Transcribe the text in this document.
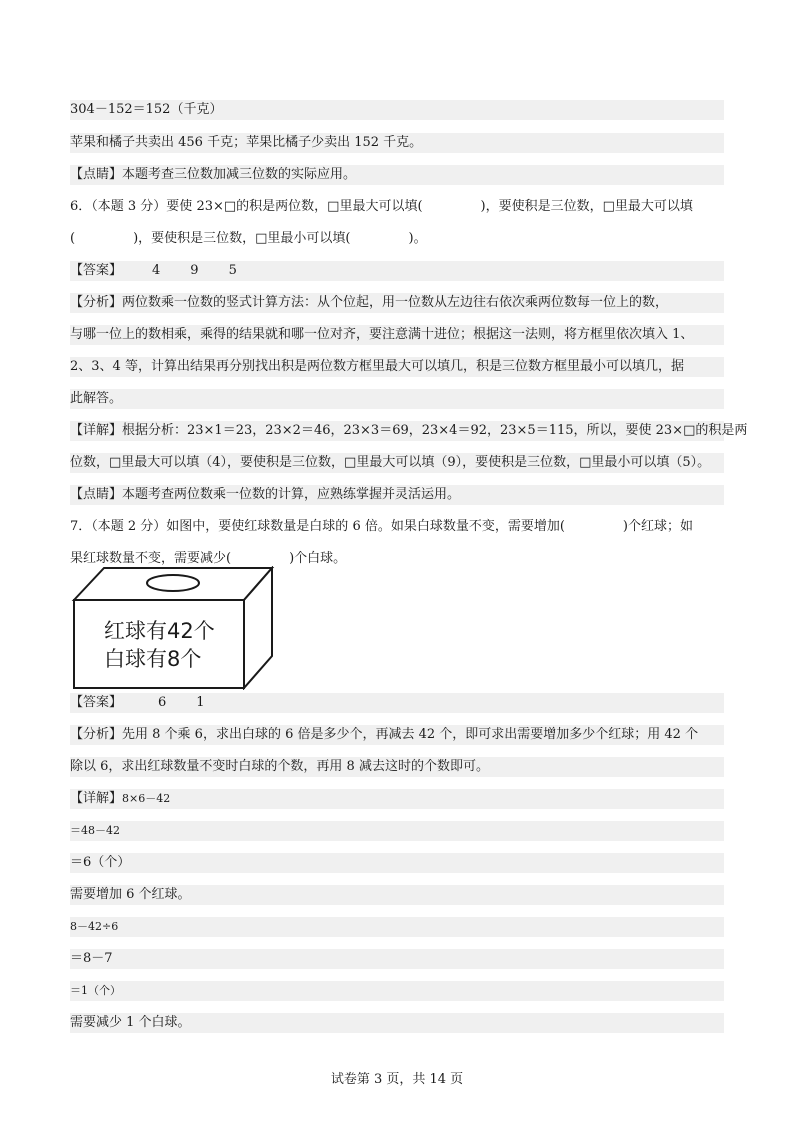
304－152＝152（千克）
苹果和橘子共卖出 456 千克；苹果比橘子少卖出 152 千克。
【点睛】本题考查三位数加减三位数的实际应用。
6．（本题 3 分）要使 23×□的积是两位数，□里最大可以填(	)，要使积是三位数，□里最大可以填
(	)，要使积是三位数，□里最小可以填(	)。
【答案】 4 9 5
【分析】两位数乘一位数的竖式计算方法：从个位起，用一位数从左边往右依次乘两位数每一位上的数，
与哪一位上的数相乘，乘得的结果就和哪一位对齐，要注意满十进位；根据这一法则，将方框里依次填入 1、
2、3、4 等，计算出结果再分别找出积是两位数方框里最大可以填几，积是三位数方框里最小可以填几，据
此解答。
【详解】根据分析：23×1＝23，23×2＝46，23×3＝69，23×4＝92，23×5＝115，所以，要使 23×□的积是两
位数，□里最大可以填（4），要使积是三位数，□里最大可以填（9），要使积是三位数，□里最小可以填（5）。
【点睛】本题考查两位数乘一位数的计算，应熟练掌握并灵活运用。
7．（本题 2 分）如图中，要使红球数量是白球的 6 倍。如果白球数量不变，需要增加(	)个红球；如
果红球数量不变，需要减少(	)个白球。
红球有42个
白球有8个
【答案】	6 1
【分析】先用 8 个乘 6，求出白球的 6 倍是多少个，再减去 42 个，即可求出需要增加多少个红球；用 42 个
除以 6，求出红球数量不变时白球的个数，再用 8 减去这时的个数即可。
【详解】8×6－42
＝48－42
＝6（个）
需要增加 6 个红球。
8－42÷6
＝8－7
＝1（个）
需要减少 1 个白球。
试卷第 3 页，共 14 页
